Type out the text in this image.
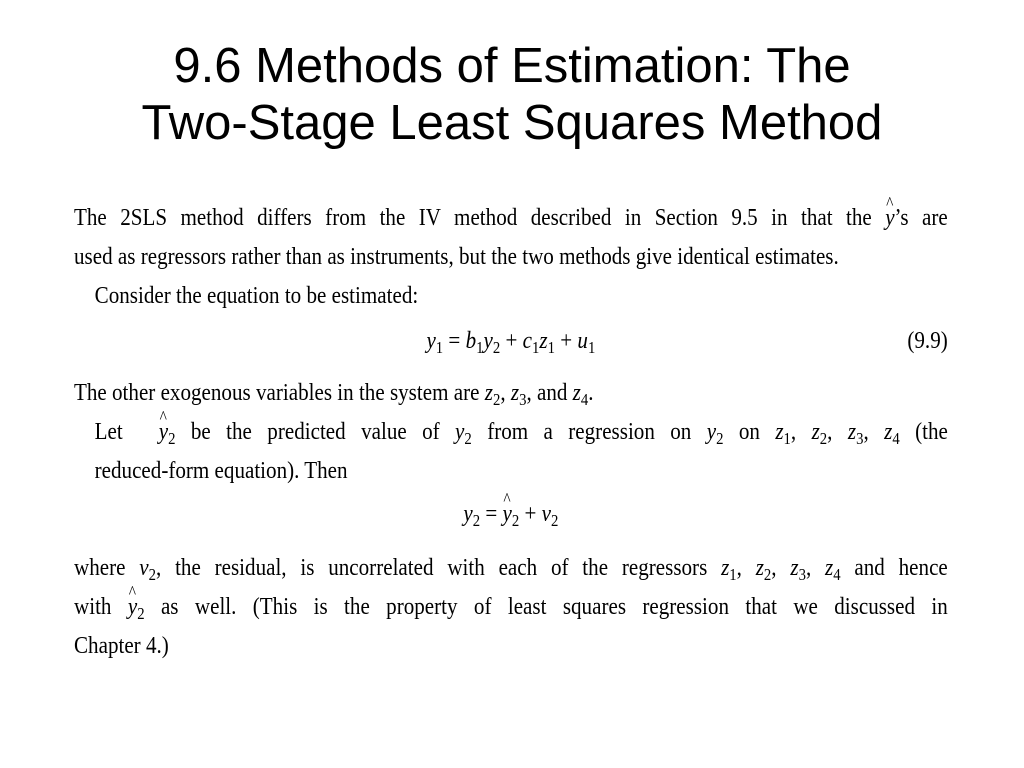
9.6 Methods of Estimation: The
Two-Stage Least Squares Method

The 2SLS method differs from the IV method described in Section 9.5 in that the ^ y’s are
used as regressors rather than as instruments, but the two methods give identical estimates.

Consider the equation to be estimated:

$y_1 = b_1y_2 + c_1z_1 + u_1$	(9.9)

The other exogenous variables in the system are $z_2$, $z_3$, and $z_4$.

Let ^ $y_2$ be the predicted value of $y_2$ from a regression on $y_2$ on $z_1$, $z_2$, $z_3$, $z_4$ (the
reduced-form equation). Then

$y_2$ = ^ $y_2 + v_2$

where $v_2$, the residual, is uncorrelated with each of the regressors $z_1$, $z_2$, $z_3$, $z_4$ and hence
with ^ $y_2$ as well. (This is the property of least squares regression that we discussed in
Chapter 4.)
